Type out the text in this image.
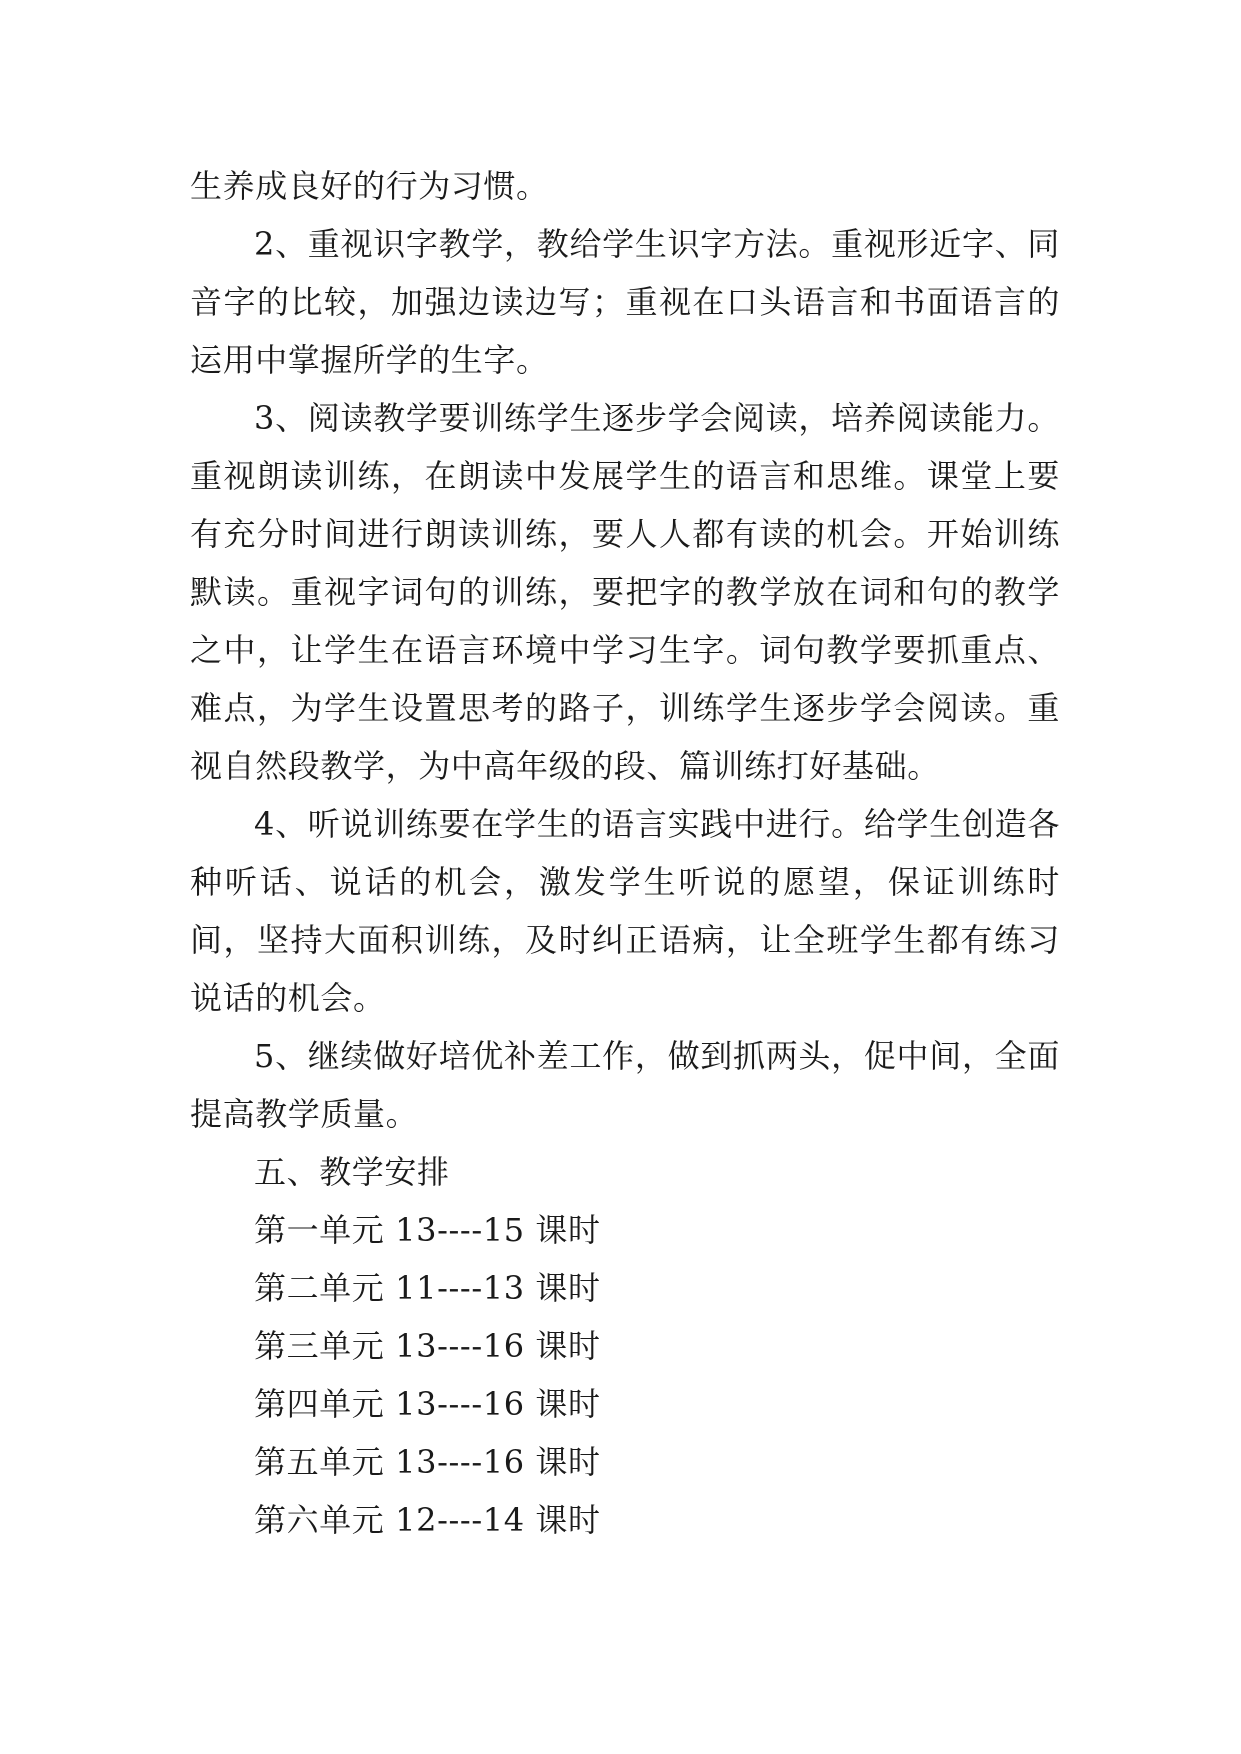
生养成良好的行为习惯。

2、重视识字教学，教给学生识字方法。重视形近字、同音字的比较，加强边读边写；重视在口头语言和书面语言的运用中掌握所学的生字。

3、阅读教学要训练学生逐步学会阅读，培养阅读能力。重视朗读训练，在朗读中发展学生的语言和思维。课堂上要有充分时间进行朗读训练，要人人都有读的机会。开始训练默读。重视字词句的训练，要把字的教学放在词和句的教学之中，让学生在语言环境中学习生字。词句教学要抓重点、难点，为学生设置思考的路子，训练学生逐步学会阅读。重视自然段教学，为中高年级的段、篇训练打好基础。

4、听说训练要在学生的语言实践中进行。给学生创造各种听话、说话的机会，激发学生听说的愿望，保证训练时间，坚持大面积训练，及时纠正语病，让全班学生都有练习说话的机会。

5、继续做好培优补差工作，做到抓两头，促中间，全面提高教学质量。

五、教学安排

第一单元 13----15 课时

第二单元 11----13 课时

第三单元 13----16 课时

第四单元 13----16 课时

第五单元 13----16 课时

第六单元 12----14 课时
